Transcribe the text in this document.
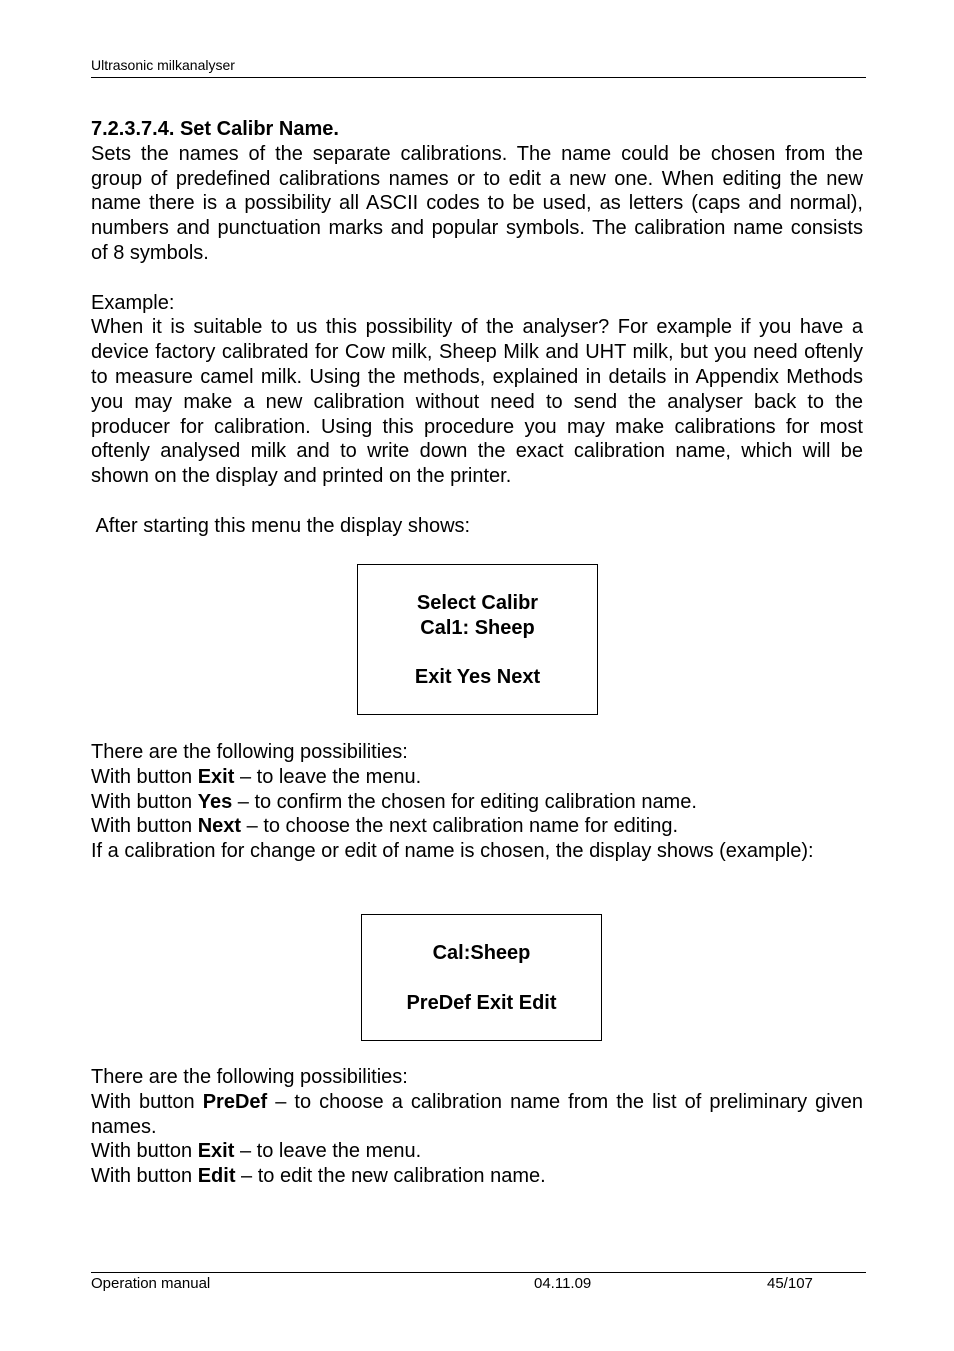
Ultrasonic milkanalyser

7.2.3.7.4. Set Calibr Name.

Sets the names of the separate calibrations. The name could be chosen from the group of predefined calibrations names or to edit a new one. When editing the new name there is a possibility all ASCII codes to be used, as letters (caps and normal), numbers and punctuation marks and popular symbols. The calibration name consists of 8 symbols.

Example:

When it is suitable to us this possibility of the analyser? For example if you have a device factory calibrated for Cow milk, Sheep Milk and UHT milk, but you need oftenly to measure camel milk. Using the methods, explained in details in Appendix Methods you may make a new calibration without need to send the analyser back to the producer for calibration. Using this procedure you may make calibrations for most oftenly analysed milk and to write down the exact calibration name, which will be shown on the display and printed on the printer.

After starting this menu the display shows:

Select Calibr
Cal1: Sheep
Exit Yes Next

There are the following possibilities:

With button Exit – to leave the menu.

With button Yes – to confirm the chosen for editing calibration name.

With button Next – to choose the next calibration name for editing.

If a calibration for change or edit of name is chosen, the display shows (example):

Cal:Sheep
PreDef Exit Edit

There are the following possibilities:

With button PreDef – to choose a calibration name from the list of preliminary given names.

With button Exit – to leave the menu.

With button Edit – to edit the new calibration name.

Operation manual	04.11.09	45/107
